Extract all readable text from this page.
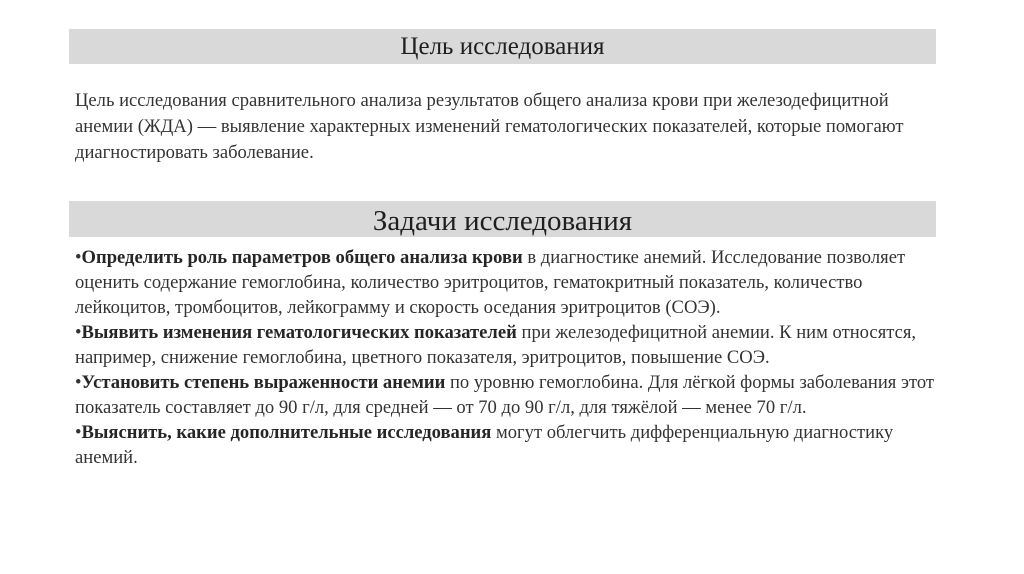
Цель исследования
Цель исследования сравнительного анализа результатов общего анализа крови при железодефицитной анемии (ЖДА) — выявление характерных изменений гематологических показателей, которые помогают диагностировать заболевание.
Задачи исследования

•Определить роль параметров общего анализа крови в диагностике анемий. Исследование позволяет оценить содержание гемоглобина, количество эритроцитов, гематокритный показатель, количество лейкоцитов, тромбоцитов, лейкограмму и скорость оседания эритроцитов (СОЭ).

•Выявить изменения гематологических показателей при железодефицитной анемии. К ним относятся, например, снижение гемоглобина, цветного показателя, эритроцитов, повышение СОЭ.

•Установить степень выраженности анемии по уровню гемоглобина. Для лёгкой формы заболевания этот показатель составляет до 90 г/л, для средней — от 70 до 90 г/л, для тяжёлой — менее 70 г/л.

•Выяснить, какие дополнительные исследования могут облегчить дифференциальную диагностику анемий.
